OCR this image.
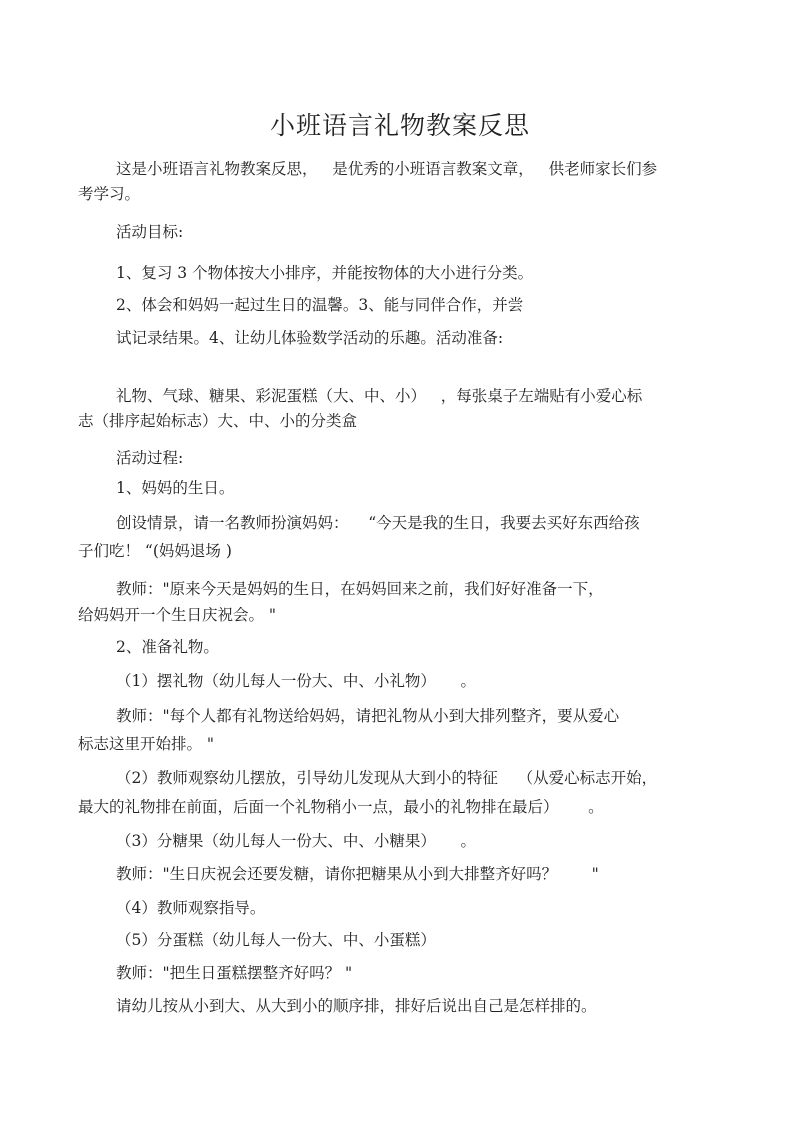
小班语言礼物教案反思
这是小班语言礼物教案反思，   是优秀的小班语言教案文章，   供老师家长们参
考学习。
活动目标:
1、复习 3 个物体按大小排序，并能按物体的大小进行分类。
2、体会和妈妈一起过生日的温馨。3、能与同伴合作，并尝
试记录结果。4、让幼儿体验数学活动的乐趣。活动准备:
礼物、气球、糖果、彩泥蛋糕（大、中、小）   ，每张桌子左端贴有小爱心标
志（排序起始标志）大、中、小的分类盒
活动过程:
1、妈妈的生日。
创设情景，请一名教师扮演妈妈：    “今天是我的生日，我要去买好东西给孩
子们吃！ “(妈妈退场 )
教师："原来今天是妈妈的生日，在妈妈回来之前，我们好好准备一下，
给妈妈开一个生日庆祝会。 "
2、准备礼物。
（1）摆礼物（幼儿每人一份大、中、小礼物）     。
教师："每个人都有礼物送给妈妈，请把礼物从小到大排列整齐，要从爱心
标志这里开始排。 "
（2）教师观察幼儿摆放，引导幼儿发现从大到小的特征    （从爱心标志开始，
最大的礼物排在前面，后面一个礼物稍小一点，最小的礼物排在最后）      。
（3）分糖果（幼儿每人一份大、中、小糖果）     。
教师："生日庆祝会还要发糖，请你把糖果从小到大排整齐好吗？       "
（4）教师观察指导。
（5）分蛋糕（幼儿每人一份大、中、小蛋糕）
教师："把生日蛋糕摆整齐好吗？ "
请幼儿按从小到大、从大到小的顺序排，排好后说出自己是怎样排的。
